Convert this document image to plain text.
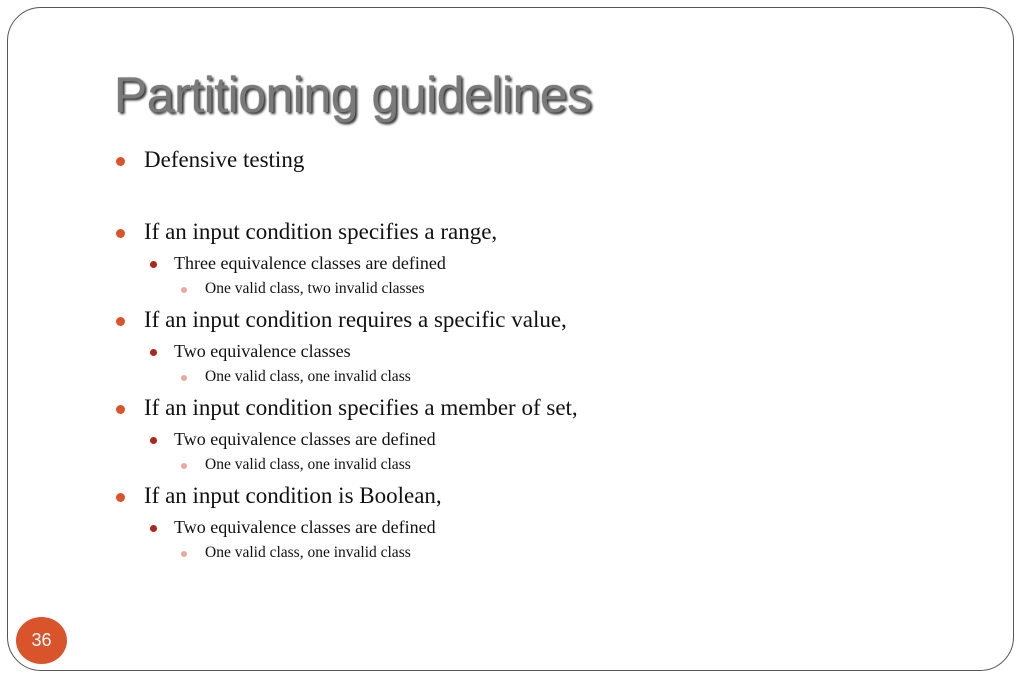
Partitioning guidelines
Defensive testing
If an input condition specifies a range,
Three equivalence classes are defined
One valid class, two invalid classes
If an input condition requires a specific value,
Two equivalence classes
One valid class, one invalid class
If an input condition specifies a member of set,
Two equivalence classes are defined
One valid class, one invalid class
If an input condition is Boolean,
Two equivalence classes are defined
One valid class, one invalid class
36
